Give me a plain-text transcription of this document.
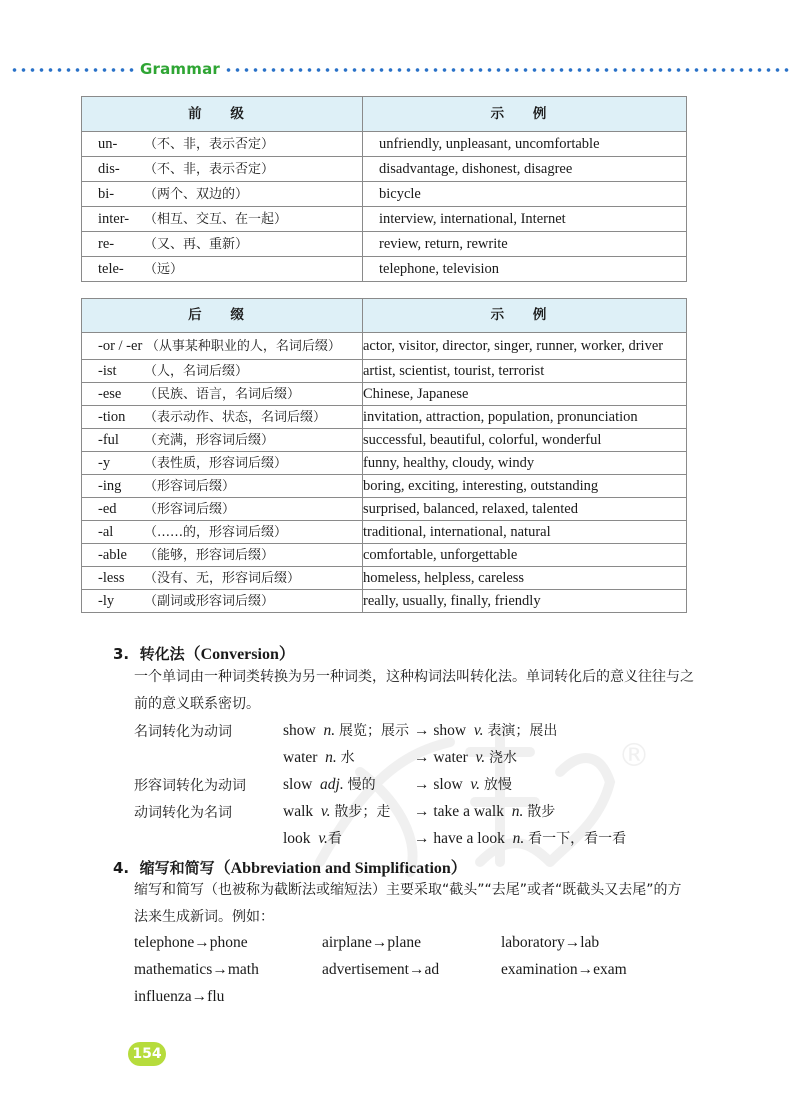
Grammar
前 级	示 例
un- （不、非，表示否定）	unfriendly, unpleasant, uncomfortable
dis- （不、非，表示否定）	disadvantage, dishonest, disagree
bi- （两个、双边的）	bicycle
inter- （相互、交互、在一起）	interview, international, Internet
re- （又、再、重新）	review, return, rewrite
tele- （远）	telephone, television
后 缀	示 例
-or / -er （从事某种职业的人，名词后缀）	actor, visitor, director, singer, runner, worker, driver

-ist （人，名词后缀）	artist, scientist, tourist, terrorist
-ese （民族、语言，名词后缀）	Chinese, Japanese
-tion （表示动作、状态，名词后缀）	invitation, attraction, population, pronunciation
-ful （充满，形容词后缀）	successful, beautiful, colorful, wonderful
-y （表性质，形容词后缀）	funny, healthy, cloudy, windy
-ing （形容词后缀）	boring, exciting, interesting, outstanding
-ed （形容词后缀）	surprised, balanced, relaxed, talented
-al （……的，形容词后缀）	traditional, international, natural
-able （能够，形容词后缀）	comfortable, unforgettable
-less （没有、无，形容词后缀）	homeless, helpless, careless
-ly （副词或形容词后缀）	really, usually, finally, friendly
®
3. 转化法（Conversion）
一个单词由一种词类转换为另一种词类，这种构词法叫转化法。单词转化后的意义往往与之前的意义联系密切。
名词转化为动词	show n. 展览；展示 → show v. 表演；展出
water n. 水	→ water v. 浇水
形容词转化为动词 slow adj. 慢的 → slow v. 放慢
动词转化为名词	walk v. 散步；走 → take a walk n. 散步
look v.看	→ have a look n. 看一下，看一看
4. 缩写和简写（Abbreviation and Simplification）
缩写和简写（也被称为截断法或缩短法）主要采取“截头”“去尾”或者“既截头又去尾”的方法来生成新词。例如：
telephone→phone	airplane→plane	laboratory→lab
mathematics→math	advertisement→ad	examination→exam
influenza→flu
154
